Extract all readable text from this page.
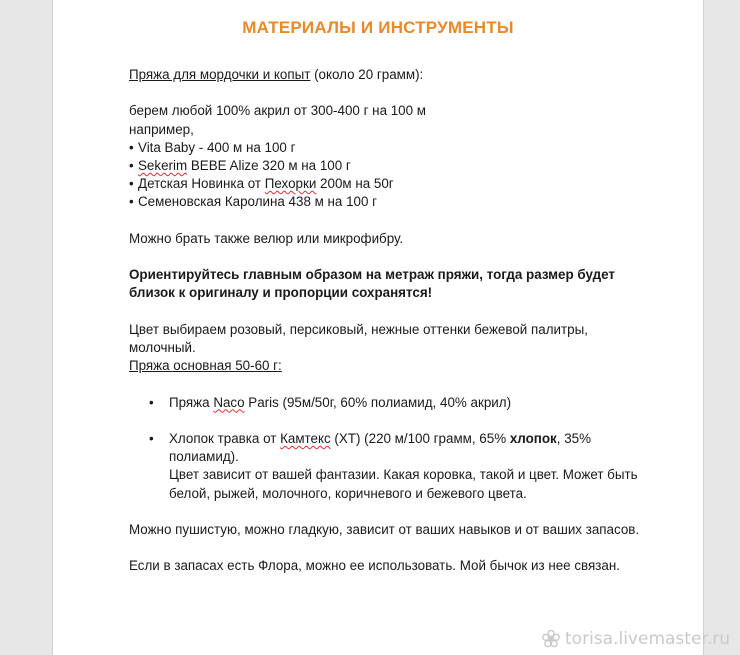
МАТЕРИАЛЫ И ИНСТРУМЕНТЫ

Пряжа для мордочки и копыт (около 20 грамм):

берем любой 100% акрил от 300-400 г на 100 м

например,

• Vita Baby - 400 м на 100 г
• Sekerim BEBE Alize 320 м на 100 г
• Детская Новинка от Пехорки 200м на 50г
• Семеновская Каролина 438 м на 100 г

Можно брать также велюр или микрофибру.

Ориентируйтесь главным образом на метраж пряжи, тогда размер будет близок к оригиналу и пропорции сохранятся!

Цвет выбираем розовый, персиковый, нежные оттенки бежевой палитры, молочный.

Пряжа основная 50-60 г:

• Пряжа Naco Paris (95м/50г, 60% полиамид, 40% акрил)
• Хлопок травка от Камтекс (ХТ) (220 м/100 грамм, 65% хлопок, 35% полиамид).
Цвет зависит от вашей фантазии. Какая коровка, такой и цвет. Может быть белой, рыжей, молочного, коричневого и бежевого цвета.

Можно пушистую, можно гладкую, зависит от ваших навыков и от ваших запасов.

Если в запасах есть Флора, можно ее использовать. Мой бычок из нее связан.

torisa.livemaster.ru
